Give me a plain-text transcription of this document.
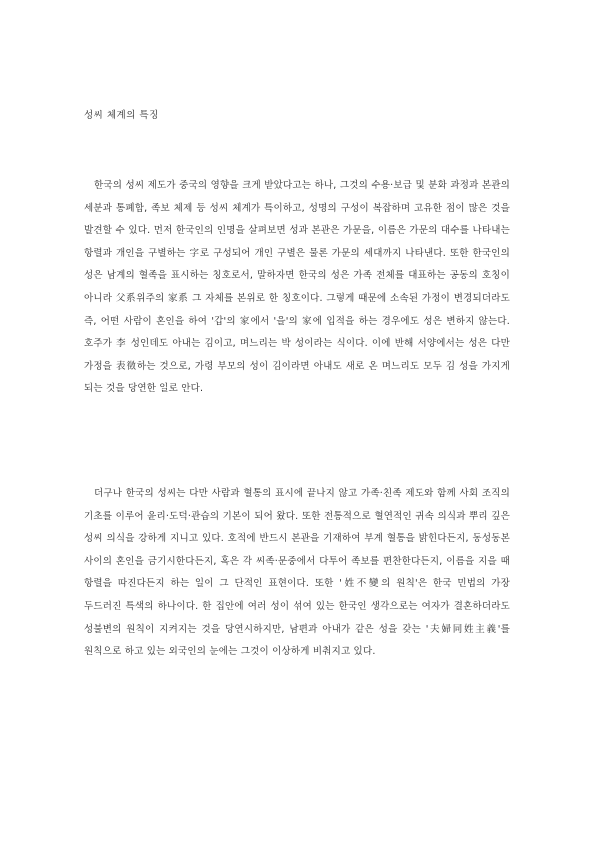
성씨 체계의 특징

한국의 성씨 제도가 중국의 영향을 크게 받았다고는 하나, 그것의 수용·보급 및 분화 과정과 본관의 세분과 통폐합, 족보 체제 등 성씨 체계가 특이하고, 성명의 구성이 복잡하며 고유한 점이 많은 것을 발견할 수 있다. 먼저 한국인의 인명을 살펴보면 성과 본관은 가문을, 이름은 가문의 대수를 나타내는 항렬과 개인을 구별하는 字로 구성되어 개인 구별은 물론 가문의 세대까지 나타낸다. 또한 한국인의 성은 남계의 혈족을 표시하는 칭호로서, 말하자면 한국의 성은 가족 전체를 대표하는 공동의 호칭이 아니라 父系위주의 家系 그 자체를 본위로 한 칭호이다. 그렇게 때문에 소속된 가정이 변경되더라도 즉, 어떤 사람이 혼인을 하여 '갑'의 家에서 '을'의 家에 입적을 하는 경우에도 성은 변하지 않는다. 호주가 李 성인데도 아내는 김이고, 며느리는 박 성이라는 식이다. 이에 반해 서양에서는 성은 다만 가정을 表徵하는 것으로, 가령 부모의 성이 김이라면 아내도 새로 온 며느리도 모두 김 성을 가지게 되는 것을 당연한 일로 안다.

더구나 한국의 성씨는 다만 사람과 혈통의 표시에 끝나지 않고 가족·친족 제도와 함께 사회 조직의 기초를 이루어 윤리·도덕·관습의 기본이 되어 왔다. 또한 전통적으로 혈연적인 귀속 의식과 뿌리 깊은 성씨 의식을 강하게 지니고 있다. 호적에 반드시 본관을 기재하여 부계 혈통을 밝힌다든지, 동성동본 사이의 혼인을 금기시한다든지, 혹은 각 씨족·문중에서 다투어 족보를 편찬한다든지, 이름을 지을 때 항렬을 따진다든지 하는 일이 그 단적인 표현이다. 또한 '姓不變의 원칙'은 한국 민법의 가장 두드러진 특색의 하나이다. 한 집안에 여러 성이 섞여 있는 한국인 생각으로는 여자가 결혼하더라도 성불변의 원칙이 지켜지는 것을 당연시하지만, 남편과 아내가 같은 성을 갖는 '夫婦同姓主義'를 원칙으로 하고 있는 외국인의 눈에는 그것이 이상하게 비춰지고 있다.
